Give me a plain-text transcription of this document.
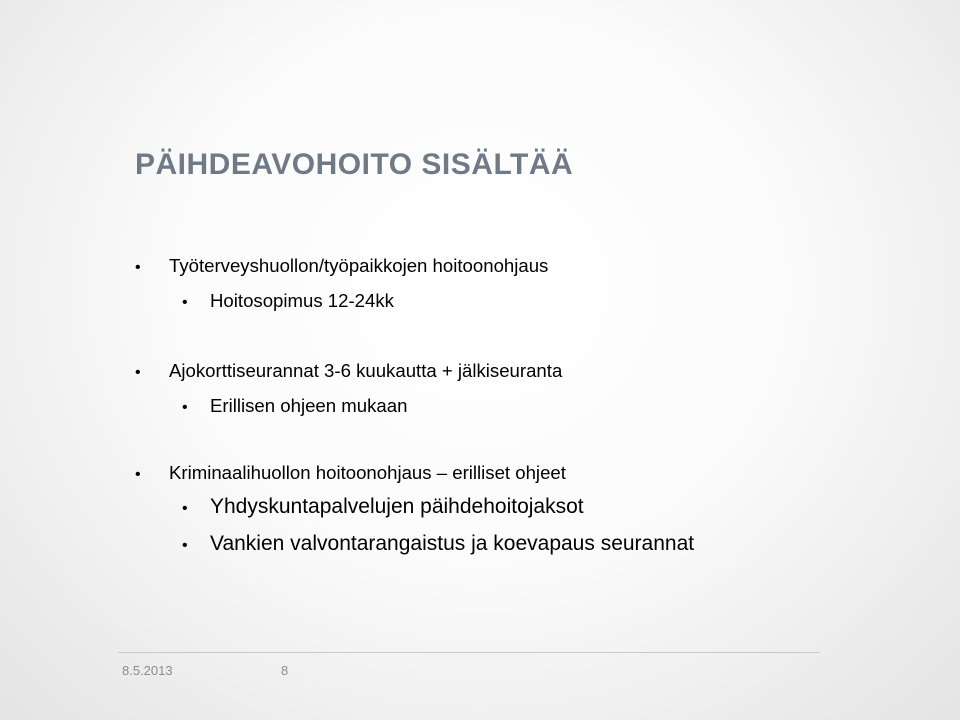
PÄIHDEAVOHOITO SISÄLTÄÄ
• Työterveyshuollon/työpaikkojen hoitoonohjaus
• Hoitosopimus 12-24kk
• Ajokorttiseurannat 3-6 kuukautta + jälkiseuranta
• Erillisen ohjeen mukaan
• Kriminaalihuollon hoitoonohjaus – erilliset ohjeet
• Yhdyskuntapalvelujen päihdehoitojaksot
• Vankien valvontarangaistus ja koevapaus seurannat
8.5.2013	8
